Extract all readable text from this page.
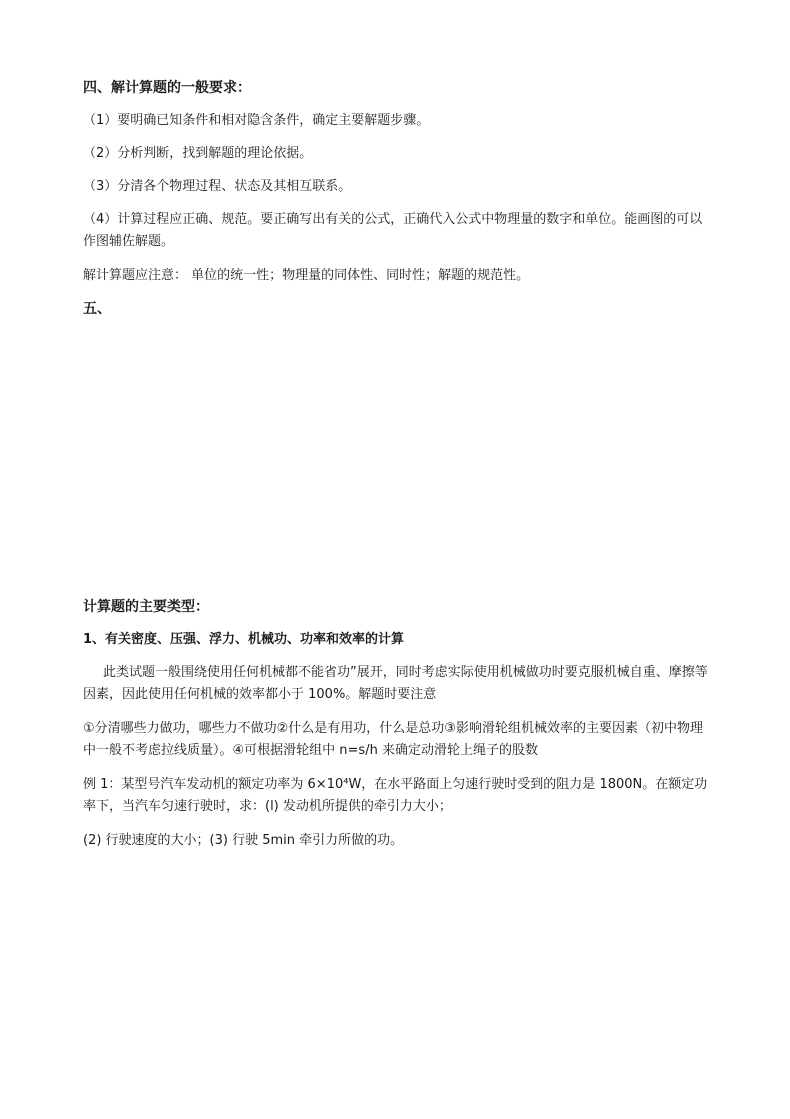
四、解计算题的一般要求：
（1）要明确已知条件和相对隐含条件，确定主要解题步骤。
（2）分析判断，找到解题的理论依据。
（3）分清各个物理过程、状态及其相互联系。
（4）计算过程应正确、规范。要正确写出有关的公式，正确代入公式中物理量的数字和单位。能画图的可以作图辅佐解题。
解计算题应注意： 单位的统一性；物理量的同体性、同时性；解题的规范性。
五、
计算题的主要类型：
1、有关密度、压强、浮力、机械功、功率和效率的计算
此类试题一般围绕使用任何机械都不能省功”展开，同时考虑实际使用机械做功时要克服机械自重、摩擦等因素，因此使用任何机械的效率都小于 100%。解题时要注意
①分清哪些力做功，哪些力不做功②什么是有用功，什么是总功③影响滑轮组机械效率的主要因素（初中物理中一般不考虑拉线质量）。④可根据滑轮组中 n=s/h 来确定动滑轮上绳子的股数
例 1：某型号汽车发动机的额定功率为 6×10⁴W，在水平路面上匀速行驶时受到的阻力是 1800N。在额定功率下，当汽车匀速行驶时，求：(l) 发动机所提供的牵引力大小；
(2) 行驶速度的大小；(3) 行驶 5min 牵引力所做的功。
